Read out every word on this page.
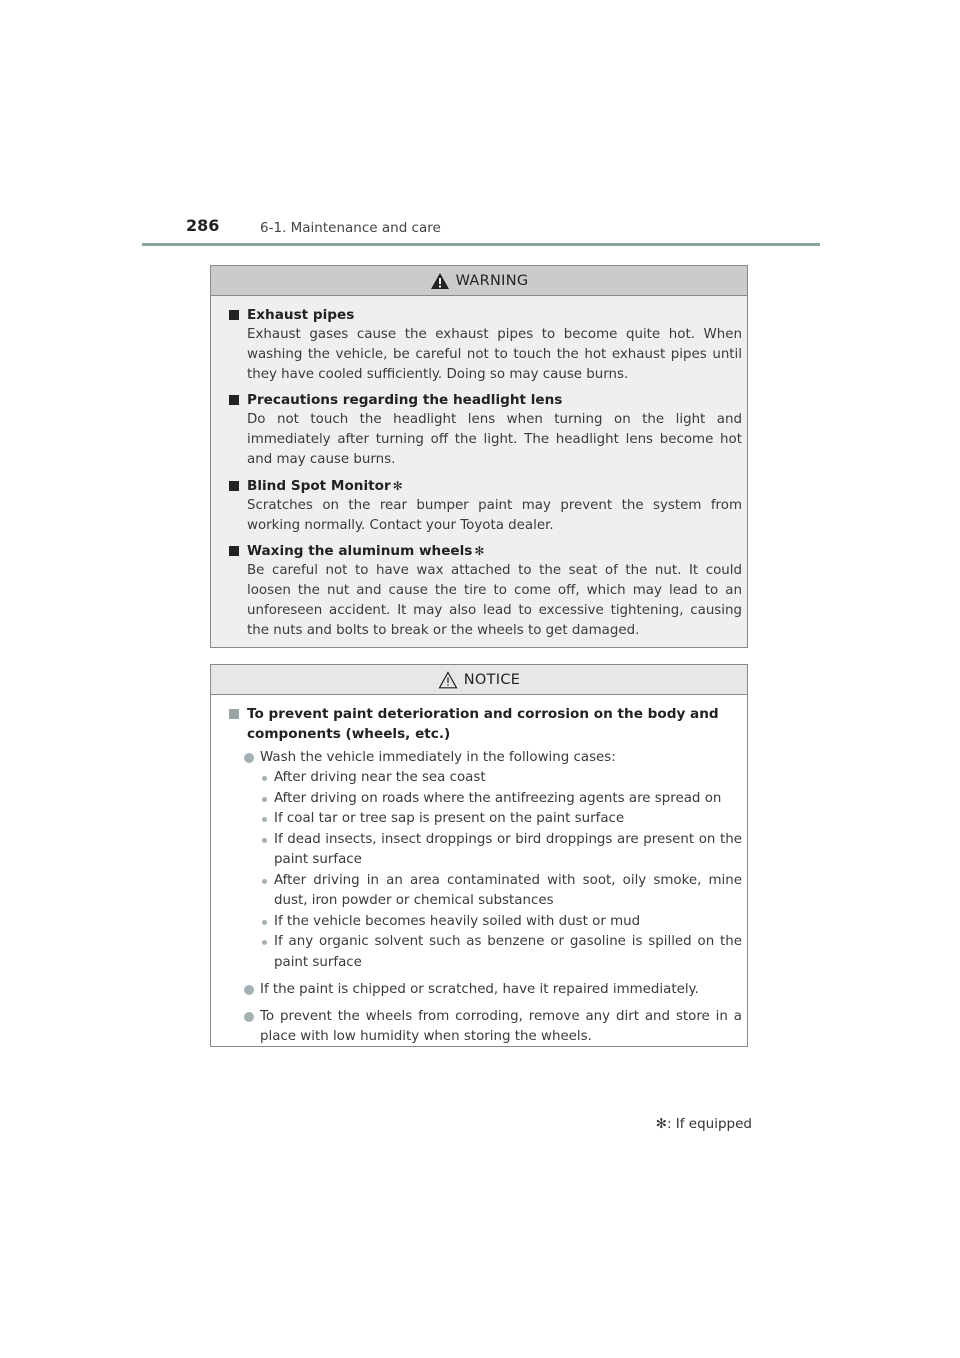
286	6-1. Maintenance and care
WARNING
Exhaust pipes
Exhaust gases cause the exhaust pipes to become quite hot. When washing the vehicle, be careful not to touch the hot exhaust pipes until they have cooled sufficiently. Doing so may cause burns.
Precautions regarding the headlight lens
Do not touch the headlight lens when turning on the light and immediately after turning off the light. The headlight lens become hot and may cause burns.
Blind Spot Monitor ✻
Scratches on the rear bumper paint may prevent the system from working normally. Contact your Toyota dealer.
Waxing the aluminum wheels ✻
Be careful not to have wax attached to the seat of the nut. It could loosen the nut and cause the tire to come off, which may lead to an unforeseen accident. It may also lead to excessive tightening, causing the nuts and bolts to break or the wheels to get damaged.
NOTICE
To prevent paint deterioration and corrosion on the body and components (wheels, etc.)
Wash the vehicle immediately in the following cases:
After driving near the sea coast
After driving on roads where the antifreezing agents are spread on
If coal tar or tree sap is present on the paint surface
If dead insects, insect droppings or bird droppings are present on the paint surface
After driving in an area contaminated with soot, oily smoke, mine dust, iron powder or chemical substances
If the vehicle becomes heavily soiled with dust or mud
If any organic solvent such as benzene or gasoline is spilled on the paint surface
If the paint is chipped or scratched, have it repaired immediately.
To prevent the wheels from corroding, remove any dirt and store in a place with low humidity when storing the wheels.
✻: If equipped
